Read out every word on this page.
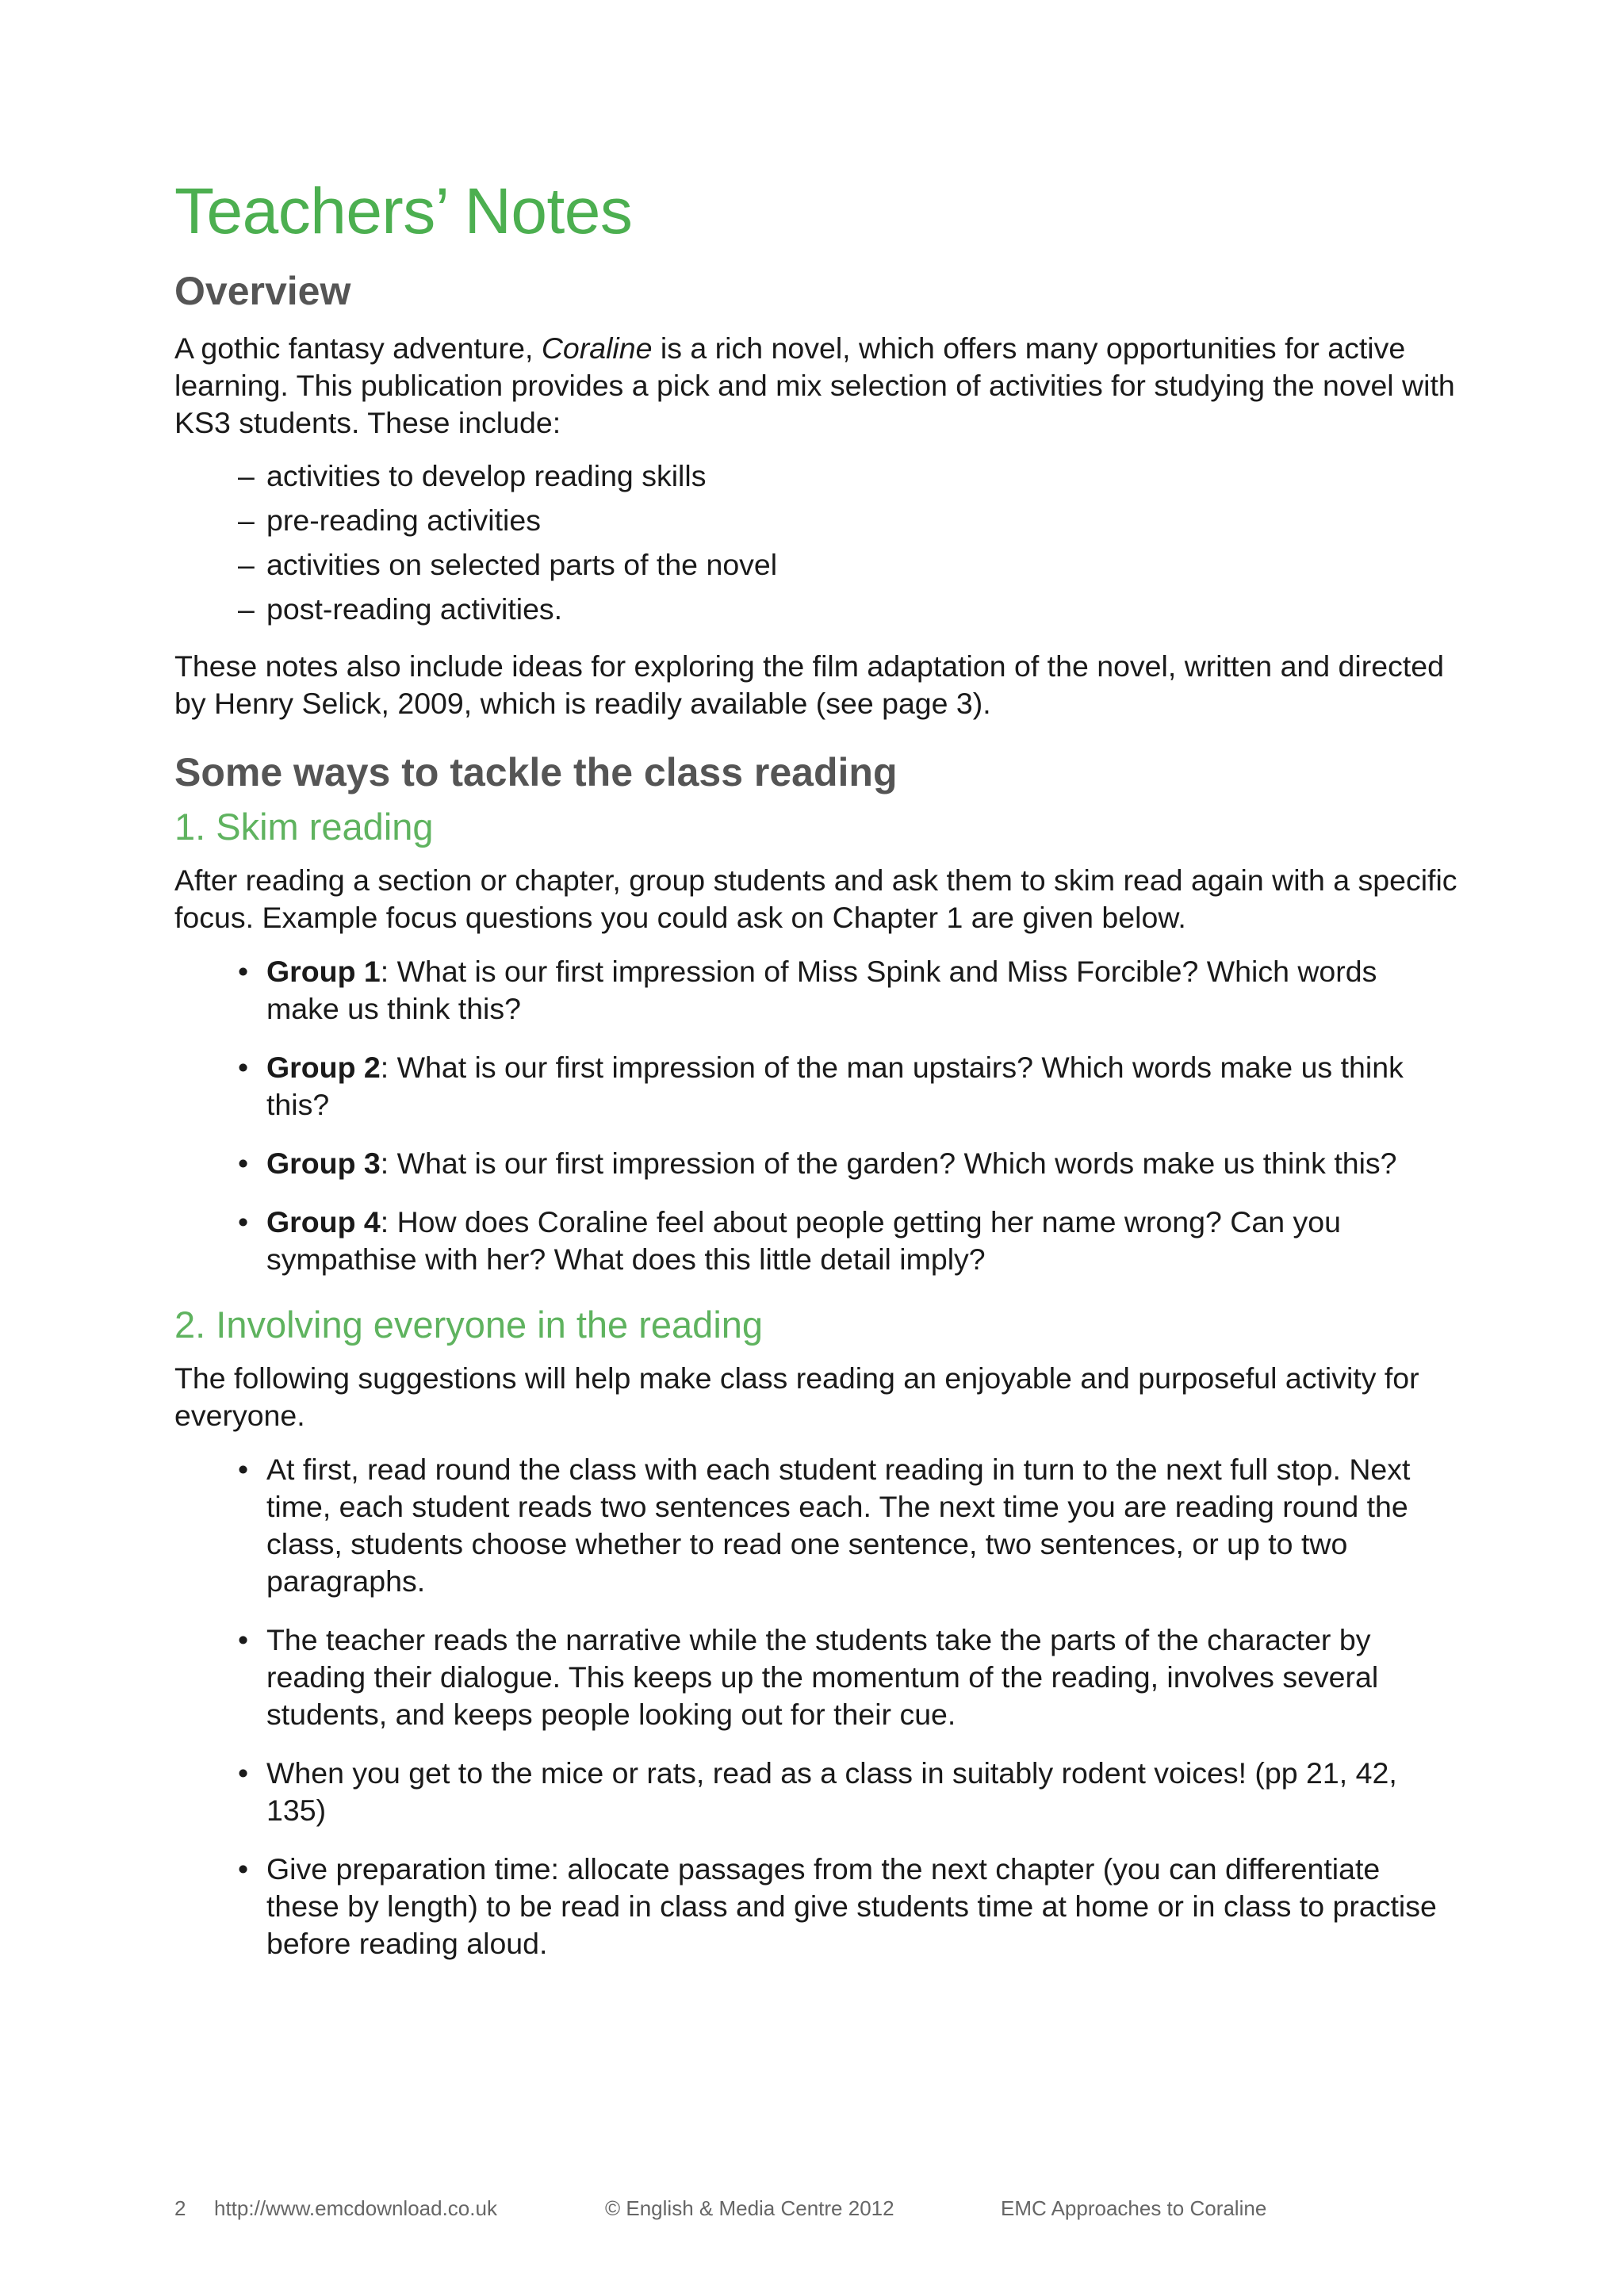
Teachers’ Notes
Overview

A gothic fantasy adventure, Coraline is a rich novel, which offers many opportunities for active learning. This publication provides a pick and mix selection of activities for studying the novel with KS3 students. These include:

– activities to develop reading skills
– pre-reading activities
– activities on selected parts of the novel
– post-reading activities.

These notes also include ideas for exploring the film adaptation of the novel, written and directed by Henry Selick, 2009, which is readily available (see page 3).

Some ways to tackle the class reading
1. Skim reading

After reading a section or chapter, group students and ask them to skim read again with a specific focus. Example focus questions you could ask on Chapter 1 are given below.

• Group 1: What is our first impression of Miss Spink and Miss Forcible? Which words make us think this?
• Group 2: What is our first impression of the man upstairs? Which words make us think this?
• Group 3: What is our first impression of the garden? Which words make us think this?
• Group 4: How does Coraline feel about people getting her name wrong? Can you sympathise with her? What does this little detail imply?
2. Involving everyone in the reading

The following suggestions will help make class reading an enjoyable and purposeful activity for everyone.

• At first, read round the class with each student reading in turn to the next full stop. Next time, each student reads two sentences each. The next time you are reading round the class, students choose whether to read one sentence, two sentences, or up to two paragraphs.
• The teacher reads the narrative while the students take the parts of the character by reading their dialogue. This keeps up the momentum of the reading, involves several students, and keeps people looking out for their cue.
• When you get to the mice or rats, read as a class in suitably rodent voices! (pp 21, 42, 135)
• Give preparation time: allocate passages from the next chapter (you can differentiate these by length) to be read in class and give students time at home or in class to practise before reading aloud.
2 http://www.emcdownload.co.uk	© English & Media Centre 2012	EMC Approaches to Coraline
